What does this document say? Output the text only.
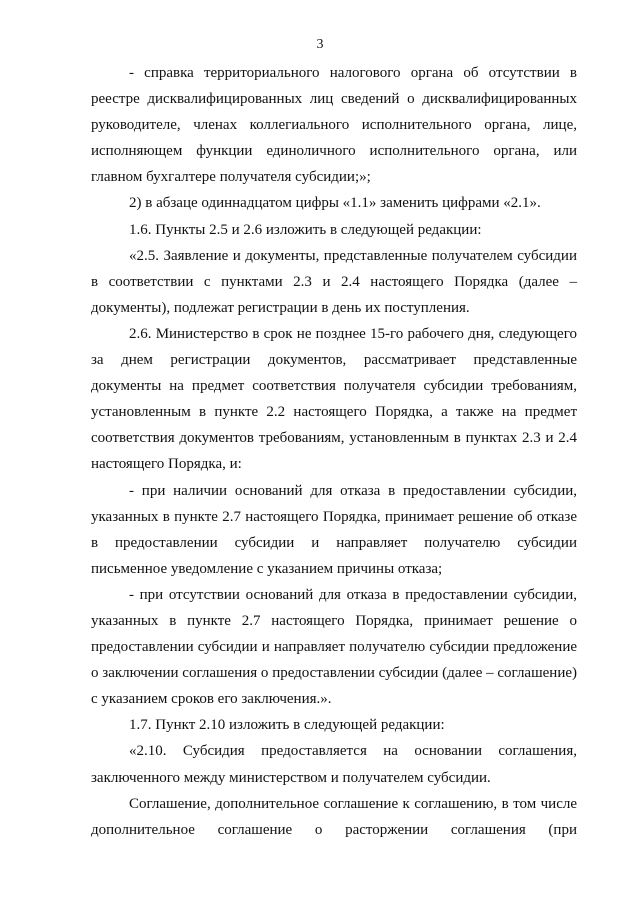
3

- справка территориального налогового органа об отсутствии в реестре дисквалифицированных лиц сведений о дисквалифицированных руководителе, членах коллегиального исполнительного органа, лице, исполняющем функции единоличного исполнительного органа, или главном бухгалтере получателя субсидии;»;

2) в абзаце одиннадцатом цифры «1.1» заменить цифрами «2.1».

1.6. Пункты 2.5 и 2.6 изложить в следующей редакции:

«2.5. Заявление и документы, представленные получателем субсидии в соответствии с пунктами 2.3 и 2.4 настоящего Порядка (далее – документы), подлежат регистрации в день их поступления.

2.6. Министерство в срок не позднее 15-го рабочего дня, следующего за днем регистрации документов, рассматривает представленные документы на предмет соответствия получателя субсидии требованиям, установленным в пункте 2.2 настоящего Порядка, а также на предмет соответствия документов требованиям, установленным в пунктах 2.3 и 2.4 настоящего Порядка, и:

- при наличии оснований для отказа в предоставлении субсидии, указанных в пункте 2.7 настоящего Порядка, принимает решение об отказе в предоставлении субсидии и направляет получателю субсидии письменное уведомление с указанием причины отказа;

- при отсутствии оснований для отказа в предоставлении субсидии, указанных в пункте 2.7 настоящего Порядка, принимает решение о предоставлении субсидии и направляет получателю субсидии предложение о заключении соглашения о предоставлении субсидии (далее – соглашение) с указанием сроков его заключения.».

1.7. Пункт 2.10 изложить в следующей редакции:

«2.10. Субсидия предоставляется на основании соглашения, заключенного между министерством и получателем субсидии.

Соглашение, дополнительное соглашение к соглашению, в том числе дополнительное соглашение о расторжении соглашения (при
